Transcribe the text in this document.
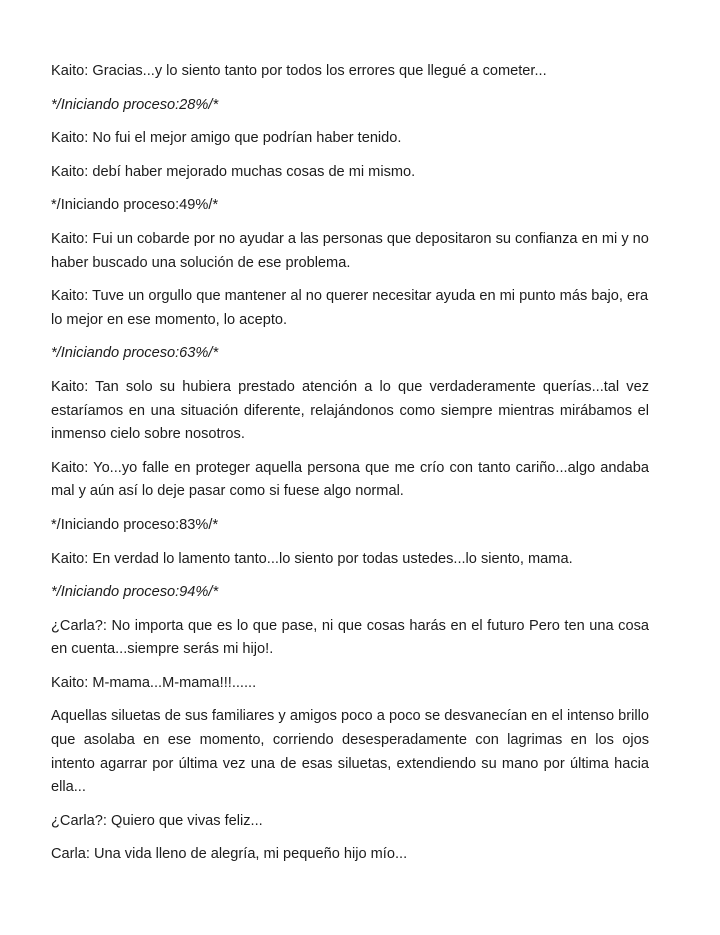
Kaito: Gracias...y lo siento tanto por todos los errores que llegué a cometer...

*/Iniciando proceso:28%/*

Kaito: No fui el mejor amigo que podrían haber tenido.

Kaito: debí haber mejorado muchas cosas de mi mismo.

*/Iniciando proceso:49%/*

Kaito: Fui un cobarde por no ayudar a las personas que depositaron su confianza en mi y no haber buscado una solución de ese problema.

Kaito: Tuve un orgullo que mantener al no querer necesitar ayuda en mi punto más bajo, era lo mejor en ese momento, lo acepto.

*/Iniciando proceso:63%/*

Kaito: Tan solo su hubiera prestado atención a lo que verdaderamente querías...tal vez estaríamos en una situación diferente, relajándonos como siempre mientras mirábamos el inmenso cielo sobre nosotros.

Kaito: Yo...yo falle en proteger aquella persona que me crío con tanto cariño...algo andaba mal y aún así lo deje pasar como si fuese algo normal.

*/Iniciando proceso:83%/*

Kaito: En verdad lo lamento tanto...lo siento por todas ustedes...lo siento, mama.

*/Iniciando proceso:94%/*

¿Carla?: No importa que es lo que pase, ni que cosas harás en el futuro Pero ten una cosa en cuenta...siempre serás mi hijo!.

Kaito: M-mama...M-mama!!!......

Aquellas siluetas de sus familiares y amigos poco a poco se desvanecían en el intenso brillo que asolaba en ese momento, corriendo desesperadamente con lagrimas en los ojos intento agarrar por última vez una de esas siluetas, extendiendo su mano por última hacia ella...

¿Carla?: Quiero que vivas feliz...

Carla: Una vida lleno de alegría, mi pequeño hijo mío...
